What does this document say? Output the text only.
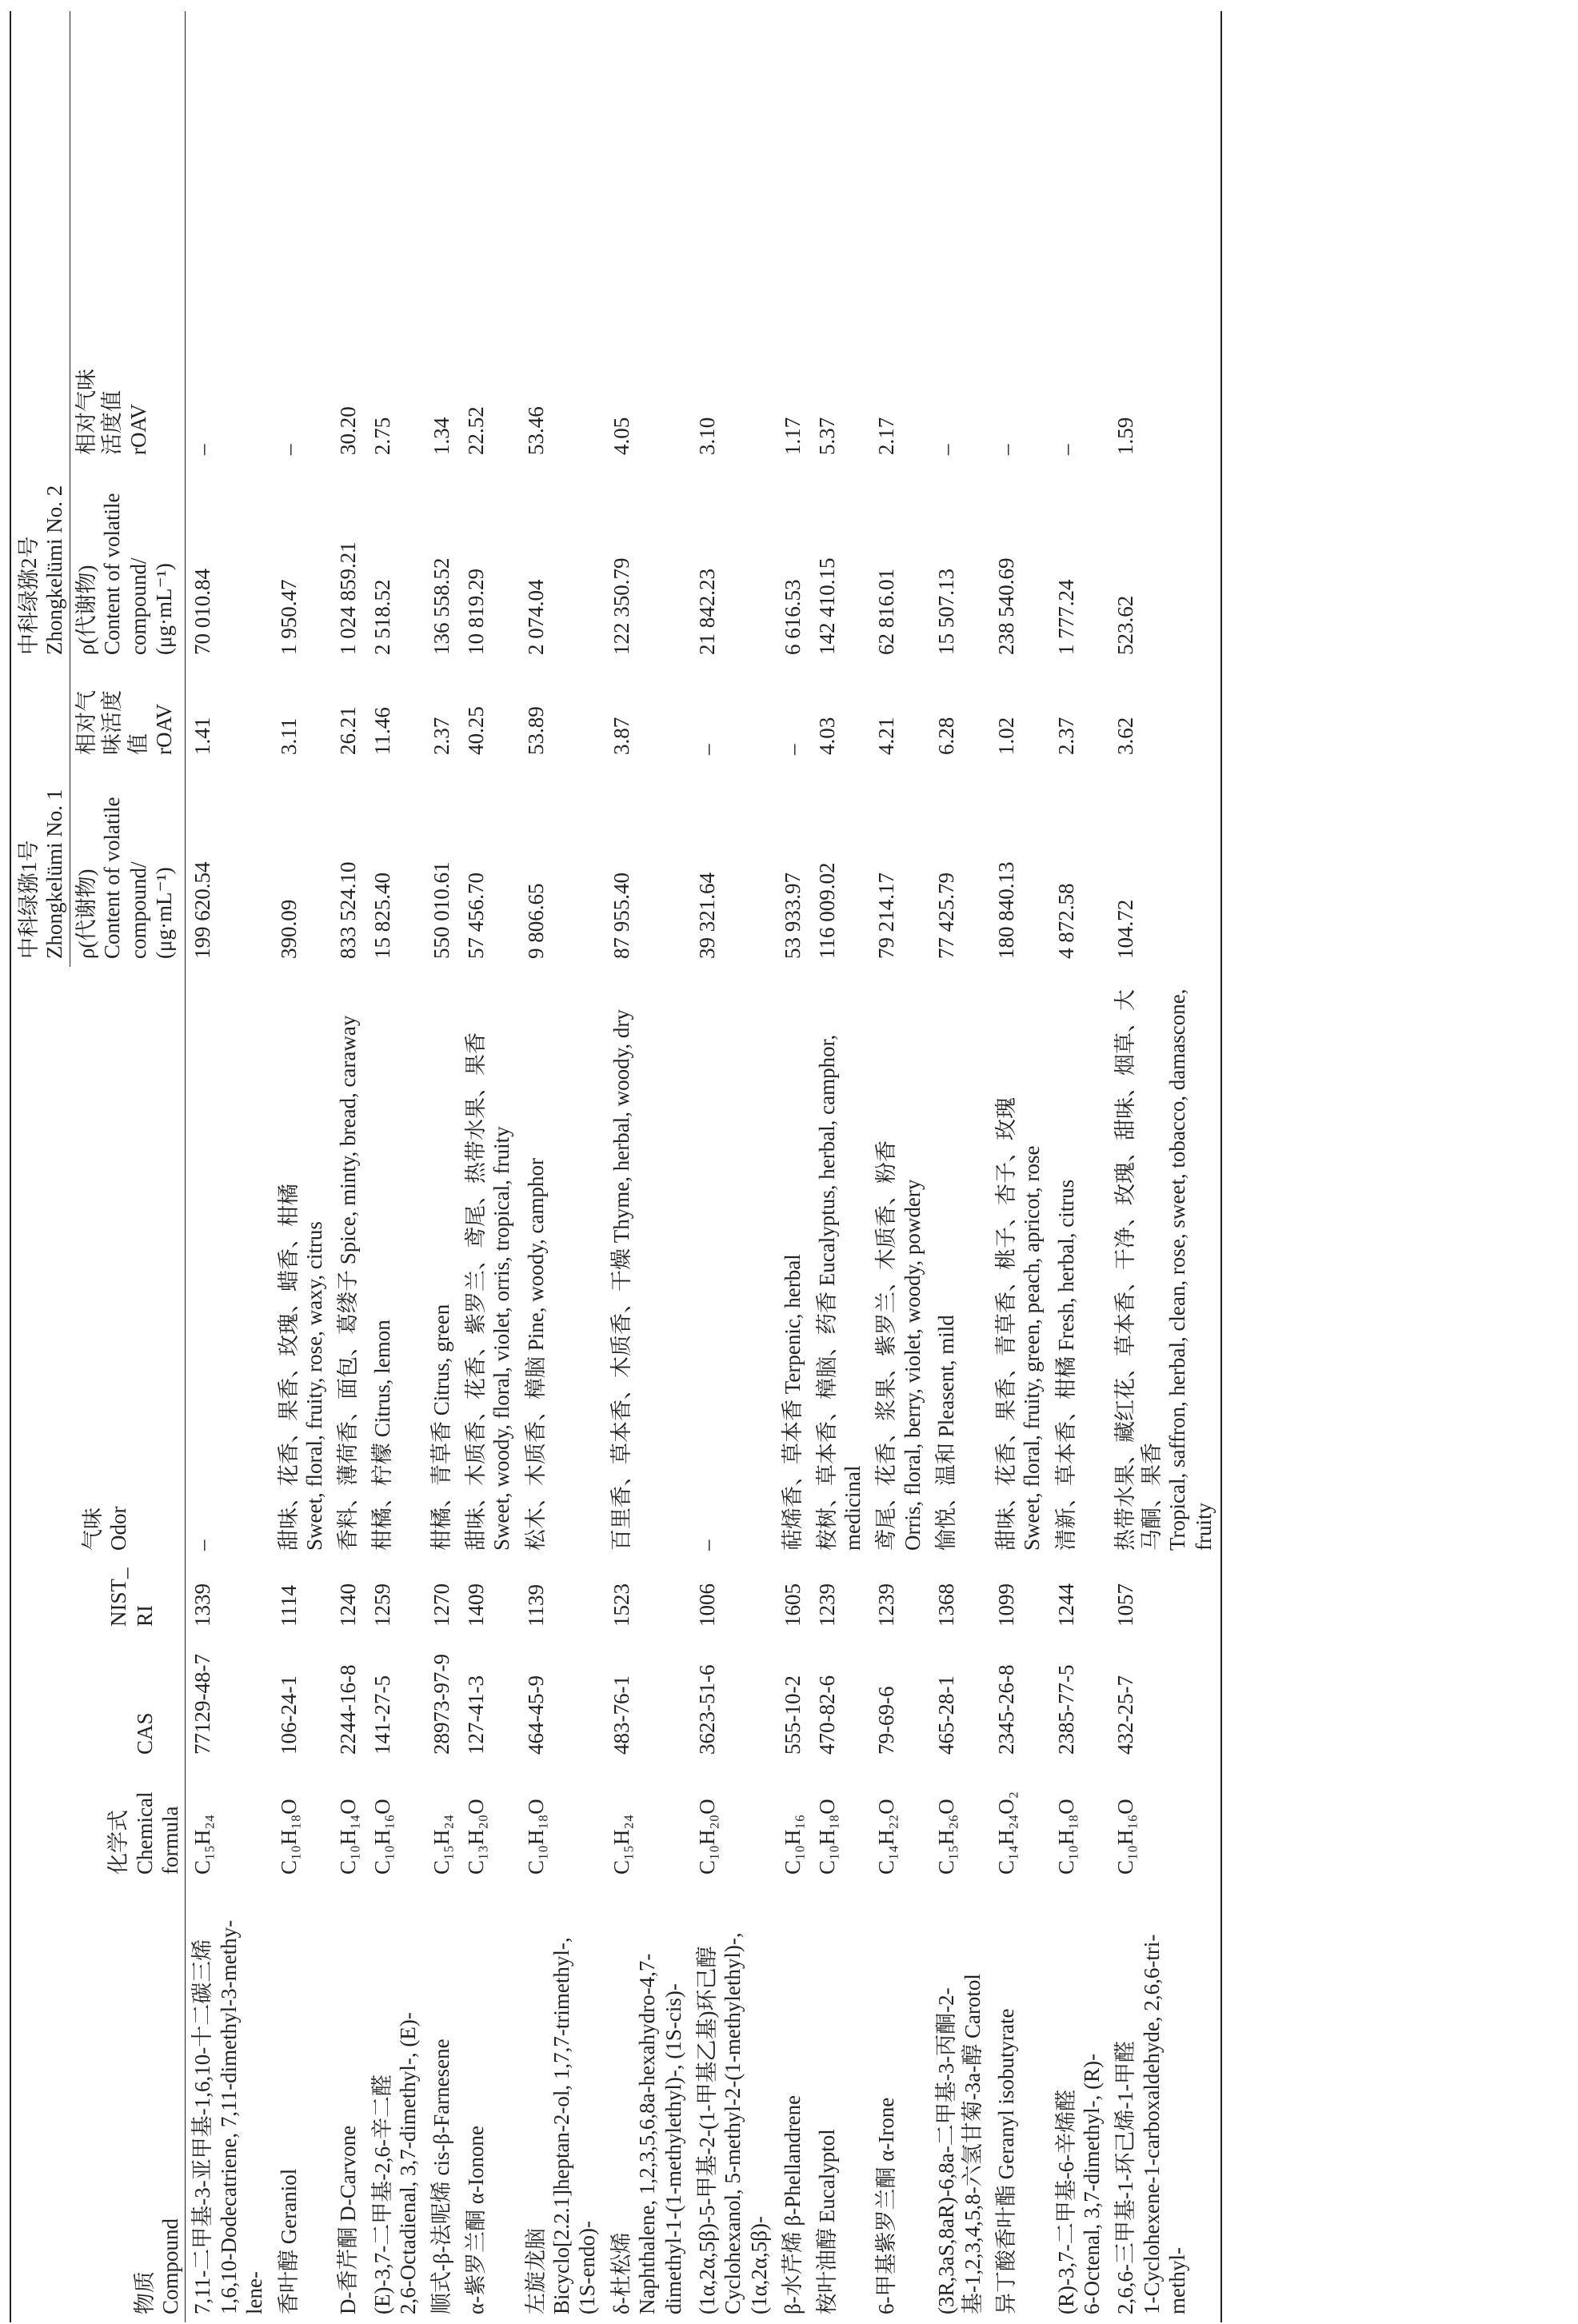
物质 Compound	化学式 Chemical formula	CAS	NIST_ RI	气味 Odor	中科绿猕1号 Zhongkelümi No. 1		中科绿猕2号 Zhongkelümi No. 2	

					ρ(代谢物) Content of volatile compound/ (μg·mL⁻¹)	相对气 味活度值 rOAV	ρ(代谢物) Content of volatile compound/ (μg·mL⁻¹)	相对气味 活度值 rOAV

7,11-二甲基-3-亚甲基-1,6,10-十二碳三烯 1,6,10-Dodecatriene, 7,11-dimethyl-3-methy- lene-	C₁₅H₂₄	77129-48-7	1339	–	199 620.54	1.41	70 010.84	–

香叶醇 Geraniol	C₁₀H₁₈O	106-24-1	1114	甜味、花香、果香、玫瑰、蜡香、柑橘 Sweet, floral, fruity, rose, waxy, citrus	390.09	3.11	1 950.47	–

D-香芹酮 D-Carvone	C₁₀H₁₄O	2244-16-8	1240	香料、薄荷香、面包、葛缕子 Spice, minty, bread, caraway	833 524.10	26.21	1 024 859.21	30.20

(E)-3,7-二甲基-2,6-辛二醛 2,6-Octadienal, 3,7-dimethyl-, (E)-	C₁₀H₁₆O	141-27-5	1259	柑橘、柠檬 Citrus, lemon	15 825.40	11.46	2 518.52	2.75

顺式-β-法呢烯 cis-β-Farnesene	C₁₅H₂₄	28973-97-9	1270	柑橘、青草香 Citrus, green	550 010.61	2.37	136 558.52	1.34

α-紫罗兰酮 α-Ionone	C₁₃H₂₀O	127-41-3	1409	甜味、木质香、花香、紫罗兰、鸢尾、热带水果、果香 Sweet, woody, floral, violet, orris, tropical, fruity	57 456.70	40.25	10 819.29	22.52

左旋龙脑 Bicyclo[2.2.1]heptan-2-ol, 1,7,7-trimethyl-, (1S-endo)-	C₁₀H₁₈O	464-45-9	1139	松木、木质香、樟脑 Pine, woody, camphor	9 806.65	53.89	2 074.04	53.46

δ-杜松烯 Naphthalene, 1,2,3,5,6,8a-hexahydro-4,7- dimethyl-1-(1-methylethyl)-, (1S-cis)-	C₁₅H₂₄	483-76-1	1523	百里香、草本香、木质香、干燥 Thyme, herbal, woody, dry	87 955.40	3.87	122 350.79	4.05

(1α,2α,5β)-5-甲基-2-(1-甲基乙基)环己醇 Cyclohexanol, 5-methyl-2-(1-methylethyl)-, (1α,2α,5β)-	C₁₀H₂₀O	3623-51-6	1006	–	39 321.64	–	21 842.23	3.10

β-水芹烯 β-Phellandrene	C₁₀H₁₆	555-10-2	1605	萜烯香、草本香 Terpenic, herbal	53 933.97	–	6 616.53	1.17

桉叶油醇 Eucalyptol	C₁₀H₁₈O	470-82-6	1239	桉树、草本香、樟脑、药香 Eucalyptus, herbal, camphor, medicinal	116 009.02	4.03	142 410.15	5.37

6-甲基紫罗兰酮 α-Irone	C₁₄H₂₂O	79-69-6	1239	鸢尾、花香、浆果、紫罗兰、木质香、粉香 Orris, floral, berry, violet, woody, powdery	79 214.17	4.21	62 816.01	2.17

(3R,3aS,8aR)-6,8a-二甲基-3-丙酮-2- 基-1,2,3,4,5,8-六氢甘菊-3a-醇 Carotol	C₁₅H₂₆O	465-28-1	1368	愉悦、温和 Pleasent, mild	77 425.79	6.28	15 507.13	–

异丁酸香叶酯 Geranyl isobutyrate	C₁₄H₂₄O₂	2345-26-8	1099	甜味、花香、果香、青草香、桃子、杏子、玫瑰 Sweet, floral, fruity, green, peach, apricot, rose	180 840.13	1.02	238 540.69	–

(R)-3,7-二甲基-6-辛烯醛 6-Octenal, 3,7-dimethyl-, (R)-	C₁₀H₁₈O	2385-77-5	1244	清新、草本香、柑橘 Fresh, herbal, citrus	4 872.58	2.37	1 777.24	–

2,6,6-三甲基-1-环己烯-1-甲醛 1-Cyclohexene-1-carboxaldehyde, 2,6,6-tri- methyl-	C₁₀H₁₆O	432-25-7	1057	热带水果、藏红花、草本香、干净、玫瑰、甜味、烟草、大马酮、果香 Tropical, saffron, herbal, clean, rose, sweet, tobacco, damascone, fruity	104.72	3.62	523.62	1.59
